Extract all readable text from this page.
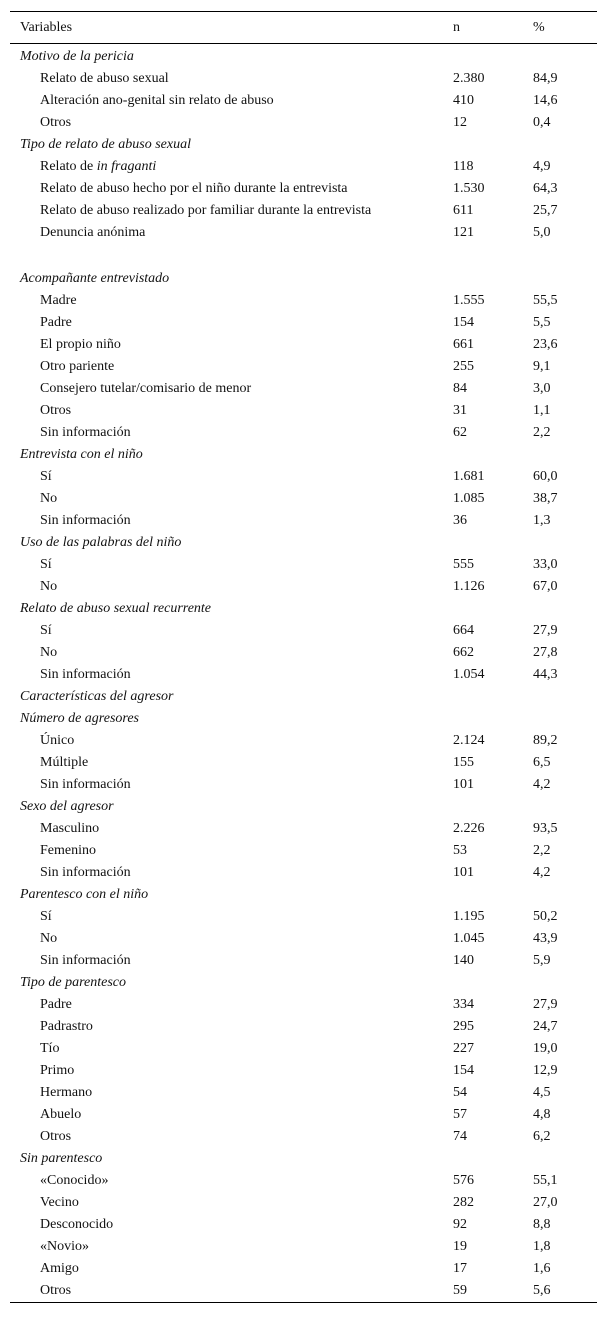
Variables	n	%
Motivo de la pericia		
Relato de abuso sexual	2.380	84,9
Alteración ano-genital sin relato de abuso	410	14,6
Otros	12	0,4
Tipo de relato de abuso sexual		
Relato de in fraganti	118	4,9
Relato de abuso hecho por el niño durante la entrevista	1.530	64,3
Relato de abuso realizado por familiar durante la entrevista	611	25,7
Denuncia anónima	121	5,0

Acompañante entrevistado		
Madre	1.555	55,5
Padre	154	5,5
El propio niño	661	23,6
Otro pariente	255	9,1
Consejero tutelar/comisario de menor	84	3,0
Otros	31	1,1
Sin información	62	2,2
Entrevista con el niño		
Sí	1.681	60,0
No	1.085	38,7
Sin información	36	1,3
Uso de las palabras del niño		
Sí	555	33,0
No	1.126	67,0
Relato de abuso sexual recurrente		
Sí	664	27,9
No	662	27,8
Sin información	1.054	44,3
Características del agresor		
Número de agresores		
Único	2.124	89,2
Múltiple	155	6,5
Sin información	101	4,2
Sexo del agresor		
Masculino	2.226	93,5
Femenino	53	2,2
Sin información	101	4,2
Parentesco con el niño		
Sí	1.195	50,2
No	1.045	43,9
Sin información	140	5,9
Tipo de parentesco		
Padre	334	27,9
Padrastro	295	24,7
Tío	227	19,0
Primo	154	12,9
Hermano	54	4,5
Abuelo	57	4,8
Otros	74	6,2
Sin parentesco		
«Conocido»	576	55,1
Vecino	282	27,0
Desconocido	92	8,8
«Novio»	19	1,8
Amigo	17	1,6
Otros	59	5,6
